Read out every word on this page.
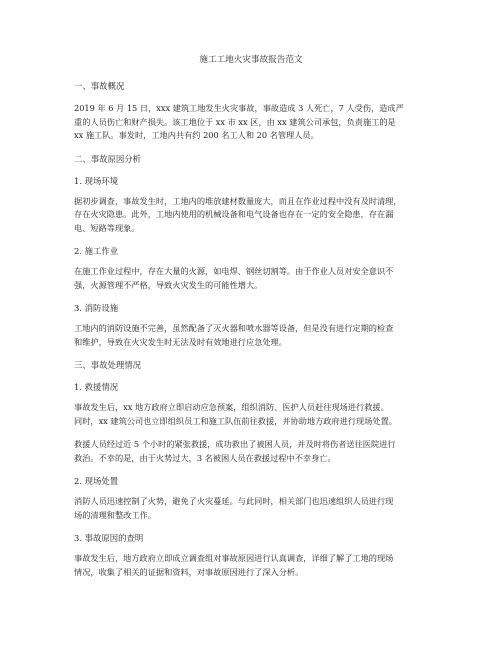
施工工地火灾事故报告范文
一、事故概况
2019 年 6 月 15 日，xxx 建筑工地发生火灾事故，事故造成 3 人死亡，7 人受伤，造成严
重的人员伤亡和财产损失。该工地位于 xx 市 xx 区，由 xx 建筑公司承包，负责施工的是
xx 施工队。事发时，工地内共有约 200 名工人和 20 名管理人员。
二、事故原因分析
1. 现场环境
据初步调查，事故发生时，工地内的堆放建材数量庞大，而且在作业过程中没有及时清理，
存在火灾隐患。此外，工地内使用的机械设备和电气设备也存在一定的安全隐患，存在漏
电、短路等现象。
2. 施工作业
在施工作业过程中，存在大量的火源，如电焊、钢丝切割等。由于作业人员对安全意识不
强，火源管理不严格，导致火灾发生的可能性增大。
3. 消防设施
工地内的消防设施不完善，虽然配备了灭火器和喷水器等设备，但是没有进行定期的检查
和维护，导致在火灾发生时无法及时有效地进行应急处理。
三、事故处理情况
1. 救援情况
事故发生后，xx 地方政府立即启动应急预案，组织消防、医护人员赶往现场进行救援。
同时，xx 建筑公司也立即组织员工和施工队伍前往救援，并协助地方政府进行现场处置。
救援人员经过近 5 个小时的紧张救援，成功救出了被困人员，并及时将伤者送往医院进行
救治。不幸的是，由于火势过大，3 名被困人员在救援过程中不幸身亡。
2. 现场处置
消防人员迅速控制了火势，避免了火灾蔓延。与此同时，相关部门也迅速组织人员进行现
场的清理和整改工作。
3. 事故原因的查明
事故发生后，地方政府立即成立调查组对事故原因进行认真调查，详细了解了工地的现场
情况，收集了相关的证据和资料，对事故原因进行了深入分析。
